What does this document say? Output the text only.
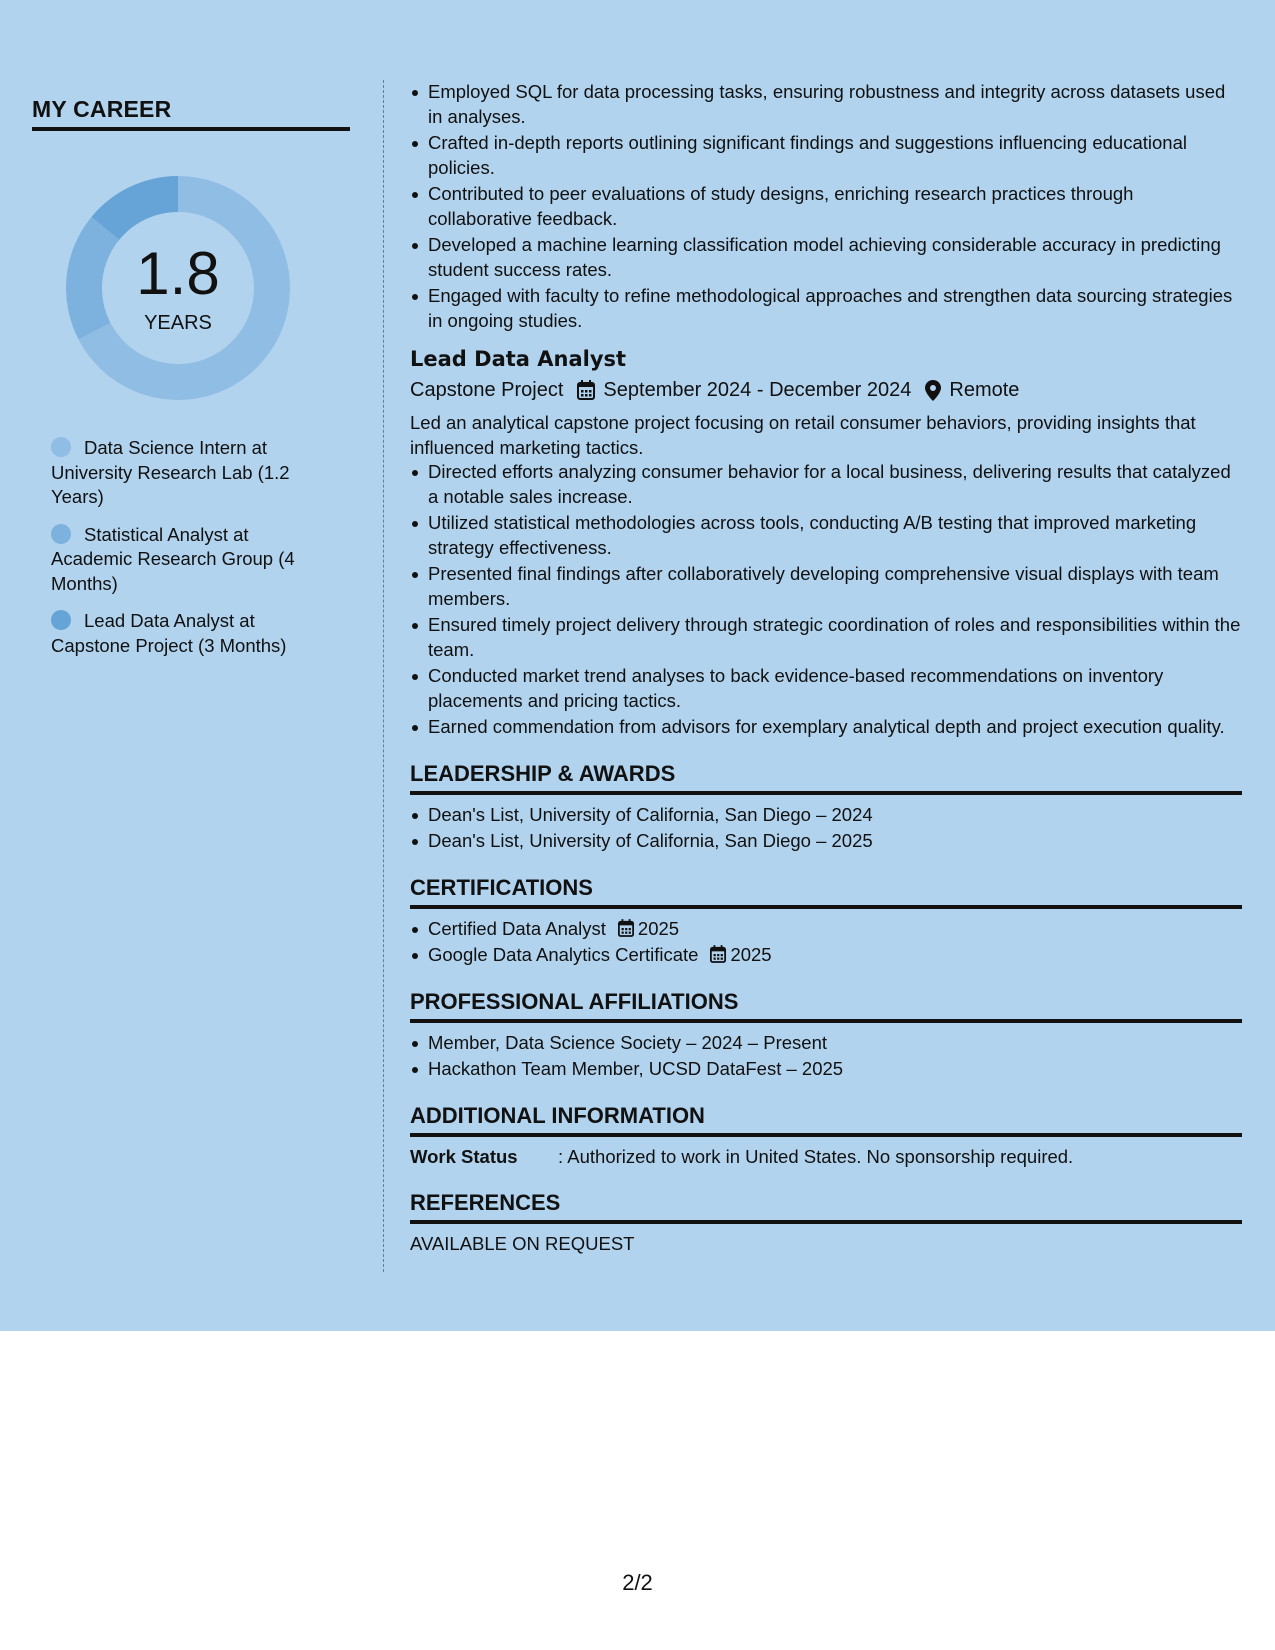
MY CAREER
1.8
YEARS
Data Science Intern at University Research Lab (1.2 Years)
Statistical Analyst at Academic Research Group (4 Months)
Lead Data Analyst at Capstone Project (3 Months)
Employed SQL for data processing tasks, ensuring robustness and integrity across datasets used in analyses.
Crafted in-depth reports outlining significant findings and suggestions influencing educational policies.
Contributed to peer evaluations of study designs, enriching research practices through collaborative feedback.
Developed a machine learning classification model achieving considerable accuracy in predicting student success rates.
Engaged with faculty to refine methodological approaches and strengthen data sourcing strategies in ongoing studies.
Lead Data Analyst
Capstone Project September 2024 - December 2024 Remote
Led an analytical capstone project focusing on retail consumer behaviors, providing insights that influenced marketing tactics.
Directed efforts analyzing consumer behavior for a local business, delivering results that catalyzed a notable sales increase.
Utilized statistical methodologies across tools, conducting A/B testing that improved marketing strategy effectiveness.
Presented final findings after collaboratively developing comprehensive visual displays with team members.
Ensured timely project delivery through strategic coordination of roles and responsibilities within the team.
Conducted market trend analyses to back evidence-based recommendations on inventory placements and pricing tactics.
Earned commendation from advisors for exemplary analytical depth and project execution quality.
LEADERSHIP & AWARDS
Dean's List, University of California, San Diego – 2024
Dean's List, University of California, San Diego – 2025
CERTIFICATIONS
Certified Data Analyst 2025
Google Data Analytics Certificate 2025
PROFESSIONAL AFFILIATIONS
Member, Data Science Society – 2024 – Present
Hackathon Team Member, UCSD DataFest – 2025
ADDITIONAL INFORMATION
Work Status	: Authorized to work in United States. No sponsorship required.
REFERENCES
AVAILABLE ON REQUEST
2/2
